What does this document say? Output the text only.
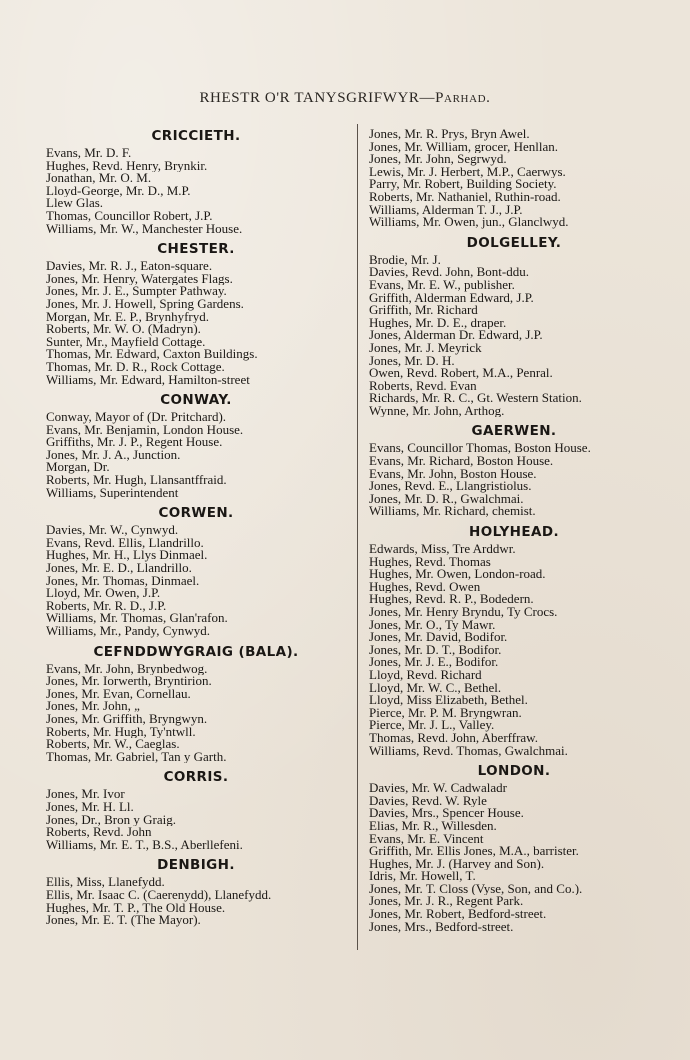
RHESTR O'R TANYSGRIFWYR—Parhad.
CRICCIETH.
Evans, Mr. D. F.
Hughes, Revd. Henry, Brynkir.
Jonathan, Mr. O. M.
Lloyd-George, Mr. D., M.P.
Llew Glas.
Thomas, Councillor Robert, J.P.
Williams, Mr. W., Manchester House.
CHESTER.
Davies, Mr. R. J., Eaton-square.
Jones, Mr. Henry, Watergates Flags.
Jones, Mr. J. E., Sumpter Pathway.
Jones, Mr. J. Howell, Spring Gardens.
Morgan, Mr. E. P., Brynhyfryd.
Roberts, Mr. W. O. (Madryn).
Sunter, Mr., Mayfield Cottage.
Thomas, Mr. Edward, Caxton Buildings.
Thomas, Mr. D. R., Rock Cottage.
Williams, Mr. Edward, Hamilton-street
CONWAY.
Conway, Mayor of (Dr. Pritchard).
Evans, Mr. Benjamin, London House.
Griffiths, Mr. J. P., Regent House.
Jones, Mr. J. A., Junction.
Morgan, Dr.
Roberts, Mr. Hugh, Llansantffraid.
Williams, Superintendent
CORWEN.
Davies, Mr. W., Cynwyd.
Evans, Revd. Ellis, Llandrillo.
Hughes, Mr. H., Llys Dinmael.
Jones, Mr. E. D., Llandrillo.
Jones, Mr. Thomas, Dinmael.
Lloyd, Mr. Owen, J.P.
Roberts, Mr. R. D., J.P.
Williams, Mr. Thomas, Glan'rafon.
Williams, Mr., Pandy, Cynwyd.
CEFNDDWYGRAIG (BALA).
Evans, Mr. John, Brynbedwog.
Jones, Mr. Iorwerth, Bryntirion.
Jones, Mr. Evan, Cornellau.
Jones, Mr. John, „
Jones, Mr. Griffith, Bryngwyn.
Roberts, Mr. Hugh, Ty'ntwll.
Roberts, Mr. W., Caeglas.
Thomas, Mr. Gabriel, Tan y Garth.
CORRIS.
Jones, Mr. Ivor
Jones, Mr. H. Ll.
Jones, Dr., Bron y Graig.
Roberts, Revd. John
Williams, Mr. E. T., B.S., Aberllefeni.
DENBIGH.
Ellis, Miss, Llanefydd.
Ellis, Mr. Isaac C. (Caerenydd), Llanefydd.
Hughes, Mr. T. P., The Old House.
Jones, Mr. E. T. (The Mayor).
Jones, Mr. R. Prys, Bryn Awel.
Jones, Mr. William, grocer, Henllan.
Jones, Mr. John, Segrwyd.
Lewis, Mr. J. Herbert, M.P., Caerwys.
Parry, Mr. Robert, Building Society.
Roberts, Mr. Nathaniel, Ruthin-road.
Williams, Alderman T. J., J.P.
Williams, Mr. Owen, jun., Glanclwyd.
DOLGELLEY.
Brodie, Mr. J.
Davies, Revd. John, Bont-ddu.
Evans, Mr. E. W., publisher.
Griffith, Alderman Edward, J.P.
Griffith, Mr. Richard
Hughes, Mr. D. E., draper.
Jones, Alderman Dr. Edward, J.P.
Jones, Mr. J. Meyrick
Jones, Mr. D. H.
Owen, Revd. Robert, M.A., Penral.
Roberts, Revd. Evan
Richards, Mr. R. C., Gt. Western Station.
Wynne, Mr. John, Arthog.
GAERWEN.
Evans, Councillor Thomas, Boston House.
Evans, Mr. Richard, Boston House.
Evans, Mr. John, Boston House.
Jones, Revd. E., Llangristiolus.
Jones, Mr. D. R., Gwalchmai.
Williams, Mr. Richard, chemist.
HOLYHEAD.
Edwards, Miss, Tre Arddwr.
Hughes, Revd. Thomas
Hughes, Mr. Owen, London-road.
Hughes, Revd. Owen
Hughes, Revd. R. P., Bodedern.
Jones, Mr. Henry Bryndu, Ty Crocs.
Jones, Mr. O., Ty Mawr.
Jones, Mr. David, Bodifor.
Jones, Mr. D. T., Bodifor.
Jones, Mr. J. E., Bodifor.
Lloyd, Revd. Richard
Lloyd, Mr. W. C., Bethel.
Lloyd, Miss Elizabeth, Bethel.
Pierce, Mr. P. M. Bryngwran.
Pierce, Mr. J. L., Valley.
Thomas, Revd. John, Aberffraw.
Williams, Revd. Thomas, Gwalchmai.
LONDON.
Davies, Mr. W. Cadwaladr
Davies, Revd. W. Ryle
Davies, Mrs., Spencer House.
Elias, Mr. R., Willesden.
Evans, Mr. E. Vincent
Griffith, Mr. Ellis Jones, M.A., barrister.
Hughes, Mr. J. (Harvey and Son).
Idris, Mr. Howell, T.
Jones, Mr. T. Closs (Vyse, Son, and Co.).
Jones, Mr. J. R., Regent Park.
Jones, Mr. Robert, Bedford-street.
Jones, Mrs., Bedford-street.
